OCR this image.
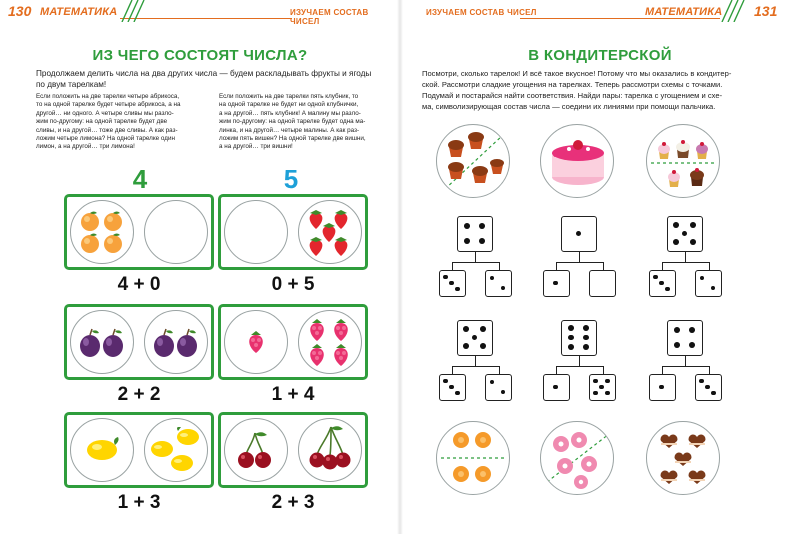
130 МАТЕМАТИКА	ИЗУЧАЕМ СОСТАВ ЧИСЕЛ
ИЗ ЧЕГО СОСТОЯТ ЧИСЛА?
Продолжаем делить числа на два других числа — будем раскладывать фрукты и ягоды
по двум тарелкам!
Если положить на две тарелки четыре абрикоса,
то на одной тарелке будет четыре абрикоса, а на
другой… ни одного. А четыре сливы мы разло-
жим по-другому: на одной тарелке будет две
сливы, и на другой… тоже две сливы. А как раз-
ложим четыре лимона? На одной тарелке один
лимон, а на другой… три лимона!
Если положить на две тарелки пять клубник, то
на одной тарелке не будет ни одной клубнички,
а на другой… пять клубник! А малину мы разло-
жим по-другому: на одной тарелке будет одна ма-
линка, и на другой… четыре малины. А как раз-
ложим пять вишен? На одной тарелке две вишни,
а на другой… три вишни!
4	5
4 + 0	0 + 5
2 + 2	1 + 4
1 + 3	2 + 3
ИЗУЧАЕМ СОСТАВ ЧИСЕЛ	МАТЕМАТИКА 131
В КОНДИТЕРСКОЙ
Посмотри, сколько тарелок! И всё такое вкусное! Потому что мы оказались в кондитер-
ской. Рассмотри сладкие угощения на тарелках. Теперь рассмотри схемы с точками.
Подумай и постарайся найти соответствия. Найди пары: тарелка с угощением и схе-
ма, символизирующая состав числа — соедини их линиями при помощи пальчика.
